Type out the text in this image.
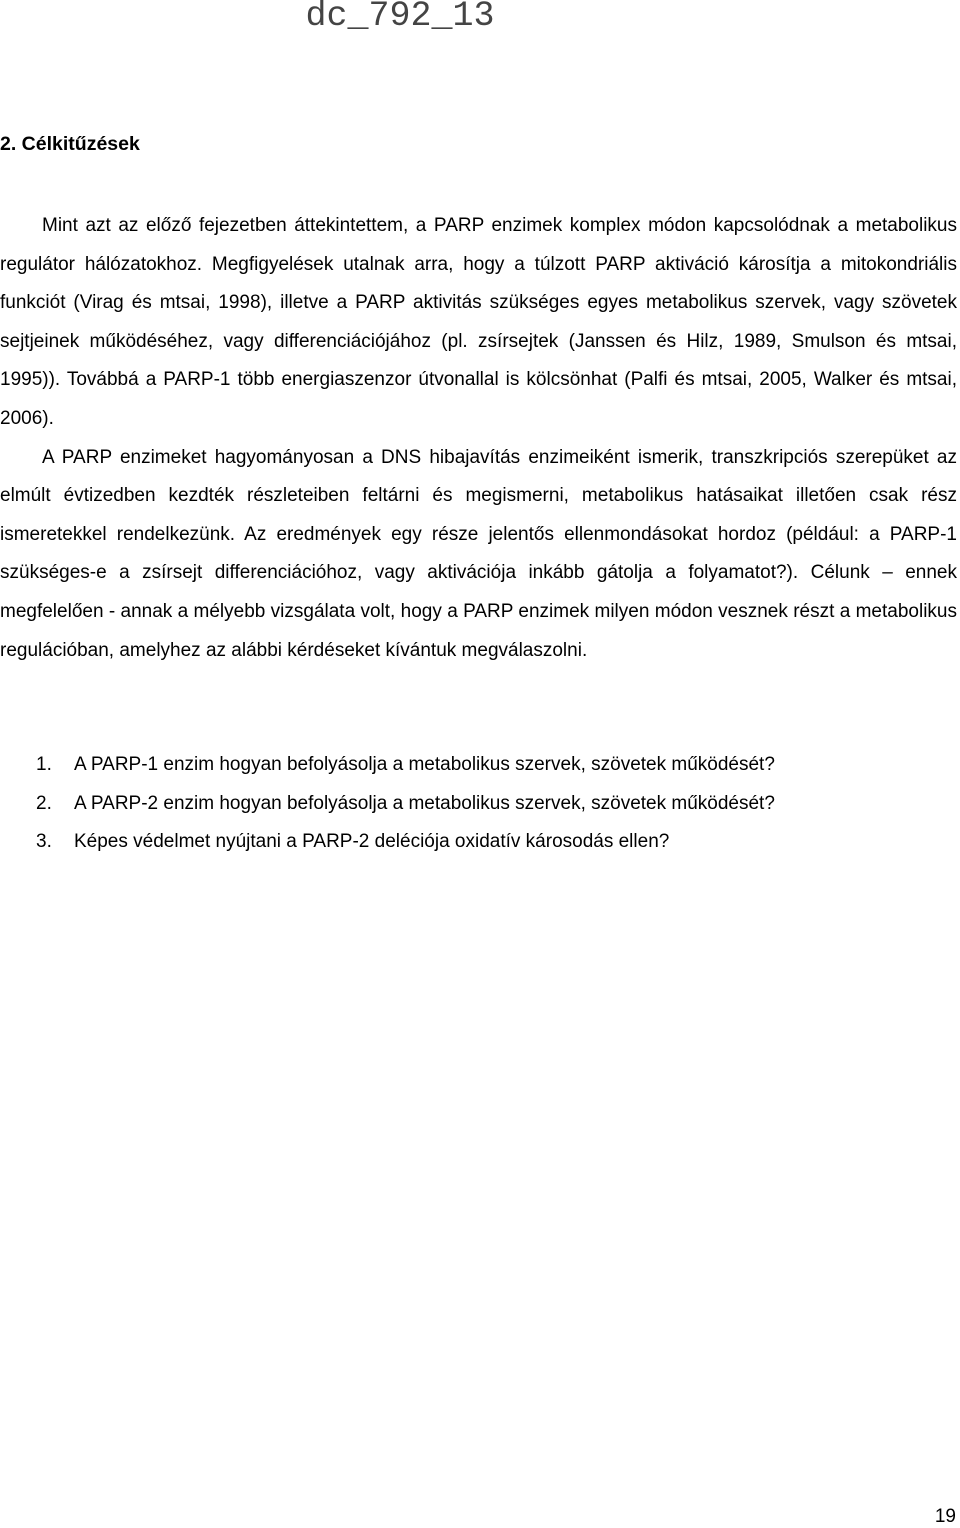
dc_792_13
2. Célkitűzések

Mint azt az előző fejezetben áttekintettem, a PARP enzimek komplex módon kapcsolódnak a metabolikus regulátor hálózatokhoz. Megfigyelések utalnak arra, hogy a túlzott PARP aktiváció károsítja a mitokondriális funkciót (Virag és mtsai, 1998), illetve a PARP aktivitás szükséges egyes metabolikus szervek, vagy szövetek sejtjeinek működéséhez, vagy differenciációjához (pl. zsírsejtek (Janssen és Hilz, 1989, Smulson és mtsai, 1995)). Továbbá a PARP-1 több energiaszenzor útvonallal is kölcsönhat (Palfi és mtsai, 2005, Walker és mtsai, 2006).

A PARP enzimeket hagyományosan a DNS hibajavítás enzimeiként ismerik, transzkripciós szerepüket az elmúlt évtizedben kezdték részleteiben feltárni és megismerni, metabolikus hatásaikat illetően csak rész ismeretekkel rendelkezünk. Az eredmények egy része jelentős ellenmondásokat hordoz (például: a PARP-1 szükséges-e a zsírsejt differenciációhoz, vagy aktivációja inkább gátolja a folyamatot?). Célunk – ennek megfelelően - annak a mélyebb vizsgálata volt, hogy a PARP enzimek milyen módon vesznek részt a metabolikus regulációban, amelyhez az alábbi kérdéseket kívántuk megválaszolni.

1. A PARP-1 enzim hogyan befolyásolja a metabolikus szervek, szövetek működését?
2. A PARP-2 enzim hogyan befolyásolja a metabolikus szervek, szövetek működését?
3. Képes védelmet nyújtani a PARP-2 deléciója oxidatív károsodás ellen?
19
